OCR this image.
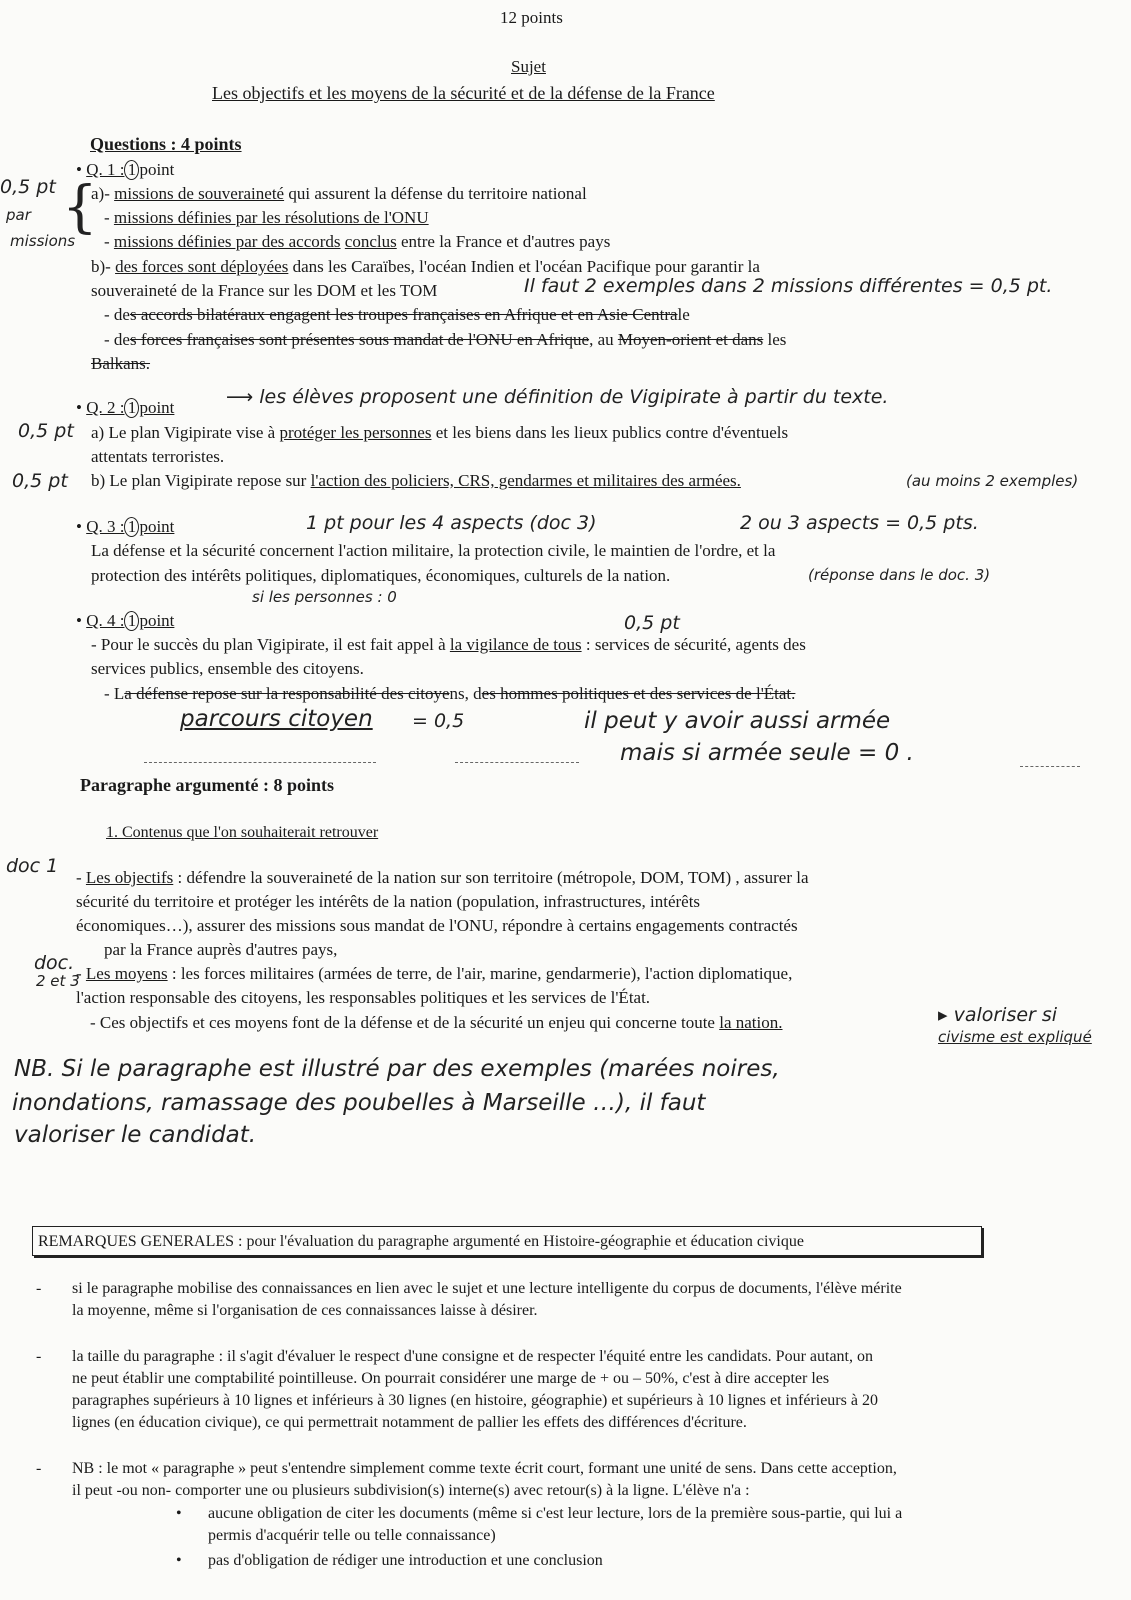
12 points
Sujet
Les objectifs et les moyens de la sécurité et de la défense de la France
Questions : 4 points
• Q. 1 : 1 point
a)- missions de souveraineté qui assurent la défense du territoire national
- missions définies par les résolutions de l'ONU
- missions définies par des accords conclus entre la France et d'autres pays
b)- des forces sont déployées dans les Caraïbes, l'océan Indien et l'océan Pacifique pour garantir la
souveraineté de la France sur les DOM et les TOM
- des accords bilatéraux engagent les troupes françaises en Afrique et en Asie Centrale
- des forces françaises sont présentes sous mandat de l'ONU en Afrique, au Moyen-orient et dans les
Balkans.
0,5 pt
par
missions
{
Il faut 2 exemples dans 2 missions différentes = 0,5 pt.
• Q. 2 : 1 point	⟶ les élèves proposent une définition de Vigipirate à partir du texte.
a) Le plan Vigipirate vise à protéger les personnes et les biens dans les lieux publics contre d'éventuels
attentats terroristes.
b) Le plan Vigipirate repose sur l'action des policiers, CRS, gendarmes et militaires des armées.
0,5 pt
0,5 pt	(au moins 2 exemples)
• Q. 3 : 1 point	1 pt pour les 4 aspects (doc 3)	2 ou 3 aspects = 0,5 pts.
La défense et la sécurité concernent l'action militaire, la protection civile, le maintien de l'ordre, et la
protection des intérêts politiques, diplomatiques, économiques, culturels de la nation.	(réponse dans le doc. 3)
si les personnes : 0
• Q. 4 : 1 point	0,5 pt
- Pour le succès du plan Vigipirate, il est fait appel à la vigilance de tous : services de sécurité, agents des
services publics, ensemble des citoyens.
- La défense repose sur la responsabilité des citoyens, des hommes politiques et des services de l'État.
parcours citoyen = 0,5	il peut y avoir aussi armée
mais si armée seule = 0 .
Paragraphe argumenté : 8 points
1. Contenus que l'on souhaiterait retrouver
doc 1
- Les objectifs : défendre la souveraineté de la nation sur son territoire (métropole, DOM, TOM) , assurer la
sécurité du territoire et protéger les intérêts de la nation (population, infrastructures, intérêts
économiques…), assurer des missions sous mandat de l'ONU, répondre à certains engagements contractés
par la France auprès d'autres pays,
doc.
2 et 3
- Les moyens : les forces militaires (armées de terre, de l'air, marine, gendarmerie), l'action diplomatique,
l'action responsable des citoyens, les responsables politiques et les services de l'État.
- Ces objectifs et ces moyens font de la défense et de la sécurité un enjeu qui concerne toute la nation.	▸ valoriser si
civisme est expliqué
NB. Si le paragraphe est illustré par des exemples (marées noires,
inondations, ramassage des poubelles à Marseille …), il faut
valoriser le candidat.
REMARQUES GENERALES : pour l'évaluation du paragraphe argumenté en Histoire-géographie et éducation civique
- si le paragraphe mobilise des connaissances en lien avec le sujet et une lecture intelligente du corpus de documents, l'élève mérite
la moyenne, même si l'organisation de ces connaissances laisse à désirer.
- la taille du paragraphe : il s'agit d'évaluer le respect d'une consigne et de respecter l'équité entre les candidats. Pour autant, on
ne peut établir une comptabilité pointilleuse. On pourrait considérer une marge de + ou – 50%, c'est à dire accepter les
paragraphes supérieurs à 10 lignes et inférieurs à 30 lignes (en histoire, géographie) et supérieurs à 10 lignes et inférieurs à 20
lignes (en éducation civique), ce qui permettrait notamment de pallier les effets des différences d'écriture.
- NB : le mot « paragraphe » peut s'entendre simplement comme texte écrit court, formant une unité de sens. Dans cette acception,
il peut -ou non- comporter une ou plusieurs subdivision(s) interne(s) avec retour(s) à la ligne. L'élève n'a :
• aucune obligation de citer les documents (même si c'est leur lecture, lors de la première sous-partie, qui lui a
permis d'acquérir telle ou telle connaissance)
• pas d'obligation de rédiger une introduction et une conclusion
